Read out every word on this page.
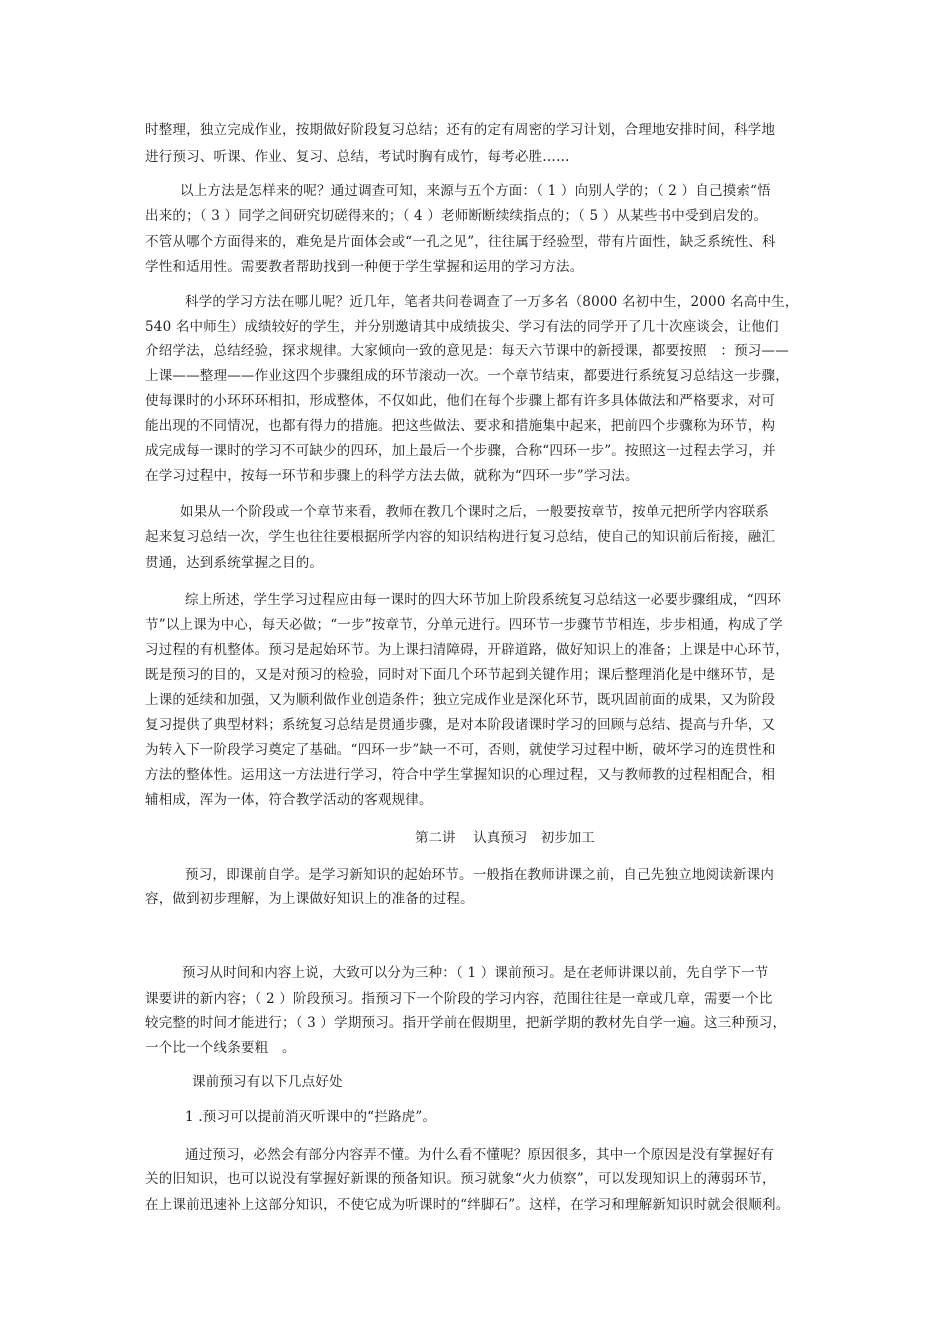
时整理，独立完成作业，按期做好阶段复习总结；还有的定有周密的学习计划，合理地安排时间，科学地
进行预习、听课、作业、复习、总结，考试时胸有成竹，每考必胜……
以上方法是怎样来的呢？通过调查可知，来源与五个方面：（ 1 ）向别人学的；（ 2 ）自己摸索“悟
出来的；（ 3 ）同学之间研究切磋得来的；（ 4 ）老师断断续续指点的；（ 5 ）从某些书中受到启发的。
不管从哪个方面得来的，难免是片面体会或“一孔之见”，往往属于经验型，带有片面性，缺乏系统性、科
学性和适用性。需要教者帮助找到一种便于学生掌握和运用的学习方法。
科学的学习方法在哪儿呢？近几年，笔者共问卷调查了一万多名（8000 名初中生，2000 名高中生，
540 名中师生）成绩较好的学生，并分别邀请其中成绩拔尖、学习有法的同学开了几十次座谈会，让他们
介绍学法，总结经验，探求规律。大家倾向一致的意见是：每天六节课中的新授课，都要按照　：预习——
上课——整理——作业这四个步骤组成的环节滚动一次。一个章节结束，都要进行系统复习总结这一步骤，
使每课时的小环环环相扣，形成整体，不仅如此，他们在每个步骤上都有许多具体做法和严格要求，对可
能出现的不同情况，也都有得力的措施。把这些做法、要求和措施集中起来，把前四个步骤称为环节，构
成完成每一课时的学习不可缺少的四环，加上最后一个步骤，合称“四环一步”。按照这一过程去学习，并
在学习过程中，按每一环节和步骤上的科学方法去做，就称为“四环一步”学习法。
如果从一个阶段或一个章节来看，教师在教几个课时之后，一般要按章节，按单元把所学内容联系
起来复习总结一次，学生也往往要根据所学内容的知识结构进行复习总结，使自己的知识前后衔接，融汇
贯通，达到系统掌握之目的。
综上所述，学生学习过程应由每一课时的四大环节加上阶段系统复习总结这一必要步骤组成，“四环
节”以上课为中心，每天必做；“一步”按章节，分单元进行。四环节一步骤节节相连，步步相通，构成了学
习过程的有机整体。预习是起始环节。为上课扫清障碍，开辟道路，做好知识上的准备；上课是中心环节，
既是预习的目的，又是对预习的检验，同时对下面几个环节起到关键作用；课后整理消化是中继环节，是
上课的延续和加强，又为顺利做作业创造条件；独立完成作业是深化环节，既巩固前面的成果，又为阶段
复习提供了典型材料；系统复习总结是贯通步骤，是对本阶段诸课时学习的回顾与总结、提高与升华，又
为转入下一阶段学习奠定了基础。“四环一步”缺一不可，否则，就使学习过程中断，破坏学习的连贯性和
方法的整体性。运用这一方法进行学习，符合中学生掌握知识的心理过程，又与教师教的过程相配合，相
辅相成，浑为一体，符合教学活动的客观规律。
第二讲　 认真预习　初步加工
预习，即课前自学。是学习新知识的起始环节。一般指在教师讲课之前，自己先独立地阅读新课内
容，做到初步理解，为上课做好知识上的准备的过程。
预习从时间和内容上说，大致可以分为三种：（ 1 ）课前预习。是在老师讲课以前，先自学下一节
课要讲的新内容；（ 2 ）阶段预习。指预习下一个阶段的学习内容，范围往往是一章或几章，需要一个比
较完整的时间才能进行；（ 3 ）学期预习。指开学前在假期里，把新学期的教材先自学一遍。这三种预习，
一个比一个线条要粗　。
课前预习有以下几点好处
1 .预习可以提前消灭听课中的“拦路虎”。
通过预习，必然会有部分内容弄不懂。为什么看不懂呢？原因很多，其中一个原因是没有掌握好有
关的旧知识，也可以说没有掌握好新课的预备知识。预习就象“火力侦察”，可以发现知识上的薄弱环节，
在上课前迅速补上这部分知识，不使它成为听课时的“绊脚石”。这样，在学习和理解新知识时就会很顺利。
